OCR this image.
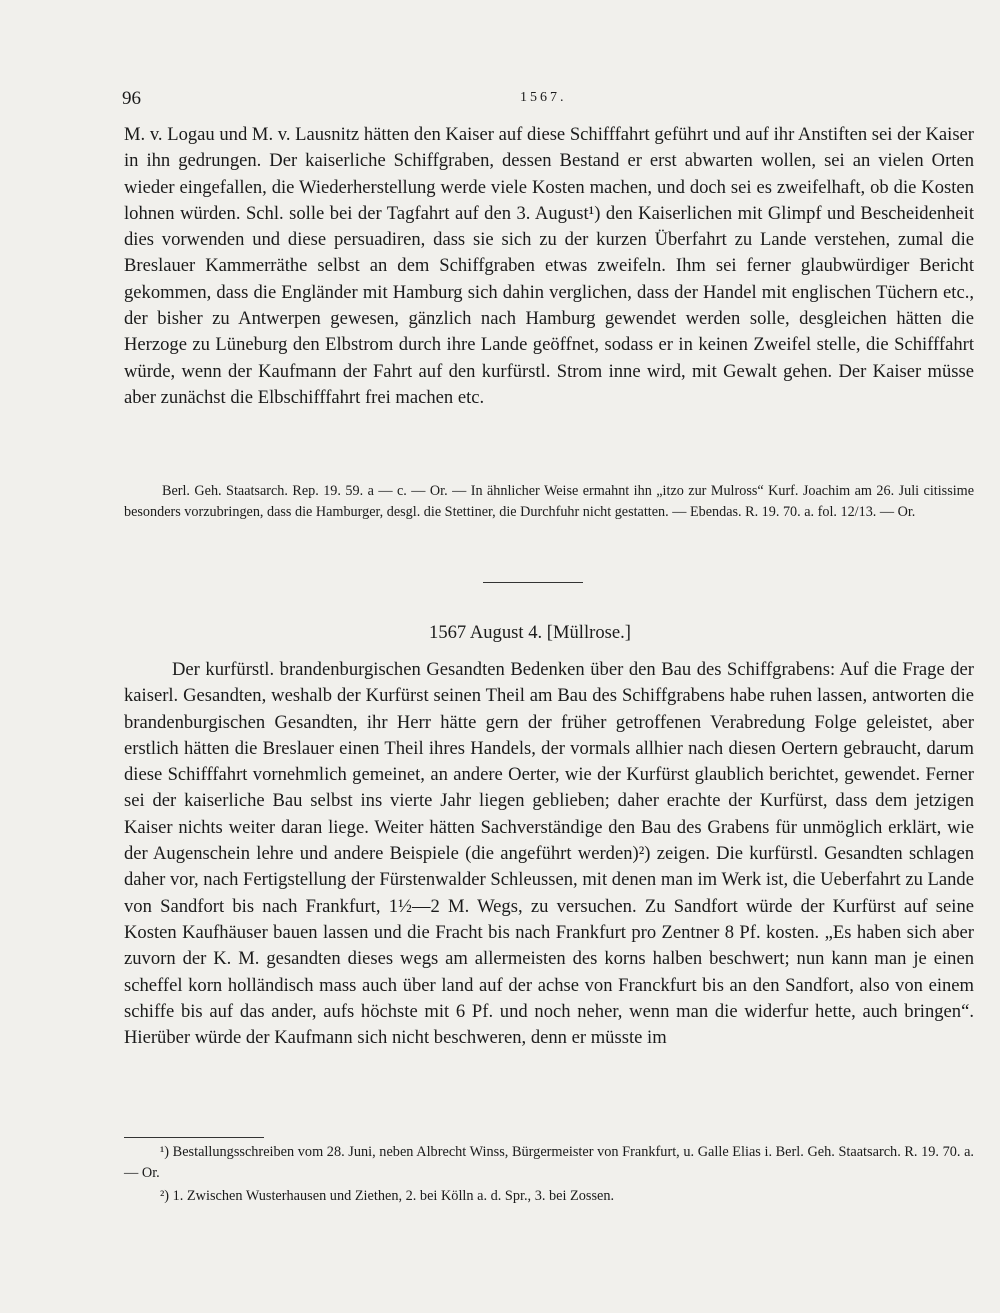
96	1567.

M. v. Logau und M. v. Lausnitz hätten den Kaiser auf diese Schifffahrt geführt und auf ihr Anstiften sei der Kaiser in ihn gedrungen. Der kaiserliche Schiffgraben, dessen Bestand er erst abwarten wollen, sei an vielen Orten wieder eingefallen, die Wiederherstellung werde viele Kosten machen, und doch sei es zweifelhaft, ob die Kosten lohnen würden. Schl. solle bei der Tagfahrt auf den 3. August¹) den Kaiserlichen mit Glimpf und Bescheidenheit dies vorwenden und diese persuadiren, dass sie sich zu der kurzen Überfahrt zu Lande verstehen, zumal die Breslauer Kammerräthe selbst an dem Schiffgraben etwas zweifeln. Ihm sei ferner glaubwürdiger Bericht gekommen, dass die Engländer mit Hamburg sich dahin verglichen, dass der Handel mit englischen Tüchern etc., der bisher zu Antwerpen gewesen, gänzlich nach Hamburg gewendet werden solle, desgleichen hätten die Herzoge zu Lüneburg den Elbstrom durch ihre Lande geöffnet, sodass er in keinen Zweifel stelle, die Schifffahrt würde, wenn der Kaufmann der Fahrt auf den kurfürstl. Strom inne wird, mit Gewalt gehen. Der Kaiser müsse aber zunächst die Elbschifffahrt frei machen etc.

Berl. Geh. Staatsarch. Rep. 19. 59. a — c. — Or. — In ähnlicher Weise ermahnt ihn „itzo zur Mulross“ Kurf. Joachim am 26. Juli citissime besonders vorzubringen, dass die Hamburger, desgl. die Stettiner, die Durchfuhr nicht gestatten. — Ebendas. R. 19. 70. a. fol. 12/13. — Or.

1567 August 4. [Müllrose.]

Der kurfürstl. brandenburgischen Gesandten Bedenken über den Bau des Schiffgrabens: Auf die Frage der kaiserl. Gesandten, weshalb der Kurfürst seinen Theil am Bau des Schiffgrabens habe ruhen lassen, antworten die brandenburgischen Gesandten, ihr Herr hätte gern der früher getroffenen Verabredung Folge geleistet, aber erstlich hätten die Breslauer einen Theil ihres Handels, der vormals allhier nach diesen Oertern gebraucht, darum diese Schifffahrt vornehmlich gemeinet, an andere Oerter, wie der Kurfürst glaublich berichtet, gewendet. Ferner sei der kaiserliche Bau selbst ins vierte Jahr liegen geblieben; daher erachte der Kurfürst, dass dem jetzigen Kaiser nichts weiter daran liege. Weiter hätten Sachverständige den Bau des Grabens für unmöglich erklärt, wie der Augenschein lehre und andere Beispiele (die angeführt werden)²) zeigen. Die kurfürstl. Gesandten schlagen daher vor, nach Fertigstellung der Fürstenwalder Schleussen, mit denen man im Werk ist, die Ueberfahrt zu Lande von Sandfort bis nach Frankfurt, 1½—2 M. Wegs, zu versuchen. Zu Sandfort würde der Kurfürst auf seine Kosten Kaufhäuser bauen lassen und die Fracht bis nach Frankfurt pro Zentner 8 Pf. kosten. „Es haben sich aber zuvorn der K. M. gesandten dieses wegs am allermeisten des korns halben beschwert; nun kann man je einen scheffel korn holländisch mass auch über land auf der achse von Franckfurt bis an den Sandfort, also von einem schiffe bis auf das ander, aufs höchste mit 6 Pf. und noch neher, wenn man die widerfur hette, auch bringen“. Hierüber würde der Kaufmann sich nicht beschweren, denn er müsste im

¹) Bestallungsschreiben vom 28. Juni, neben Albrecht Winss, Bürgermeister von Frankfurt, u. Galle Elias i. Berl. Geh. Staatsarch. R. 19. 70. a. — Or.

²) 1. Zwischen Wusterhausen und Ziethen, 2. bei Kölln a. d. Spr., 3. bei Zossen.
